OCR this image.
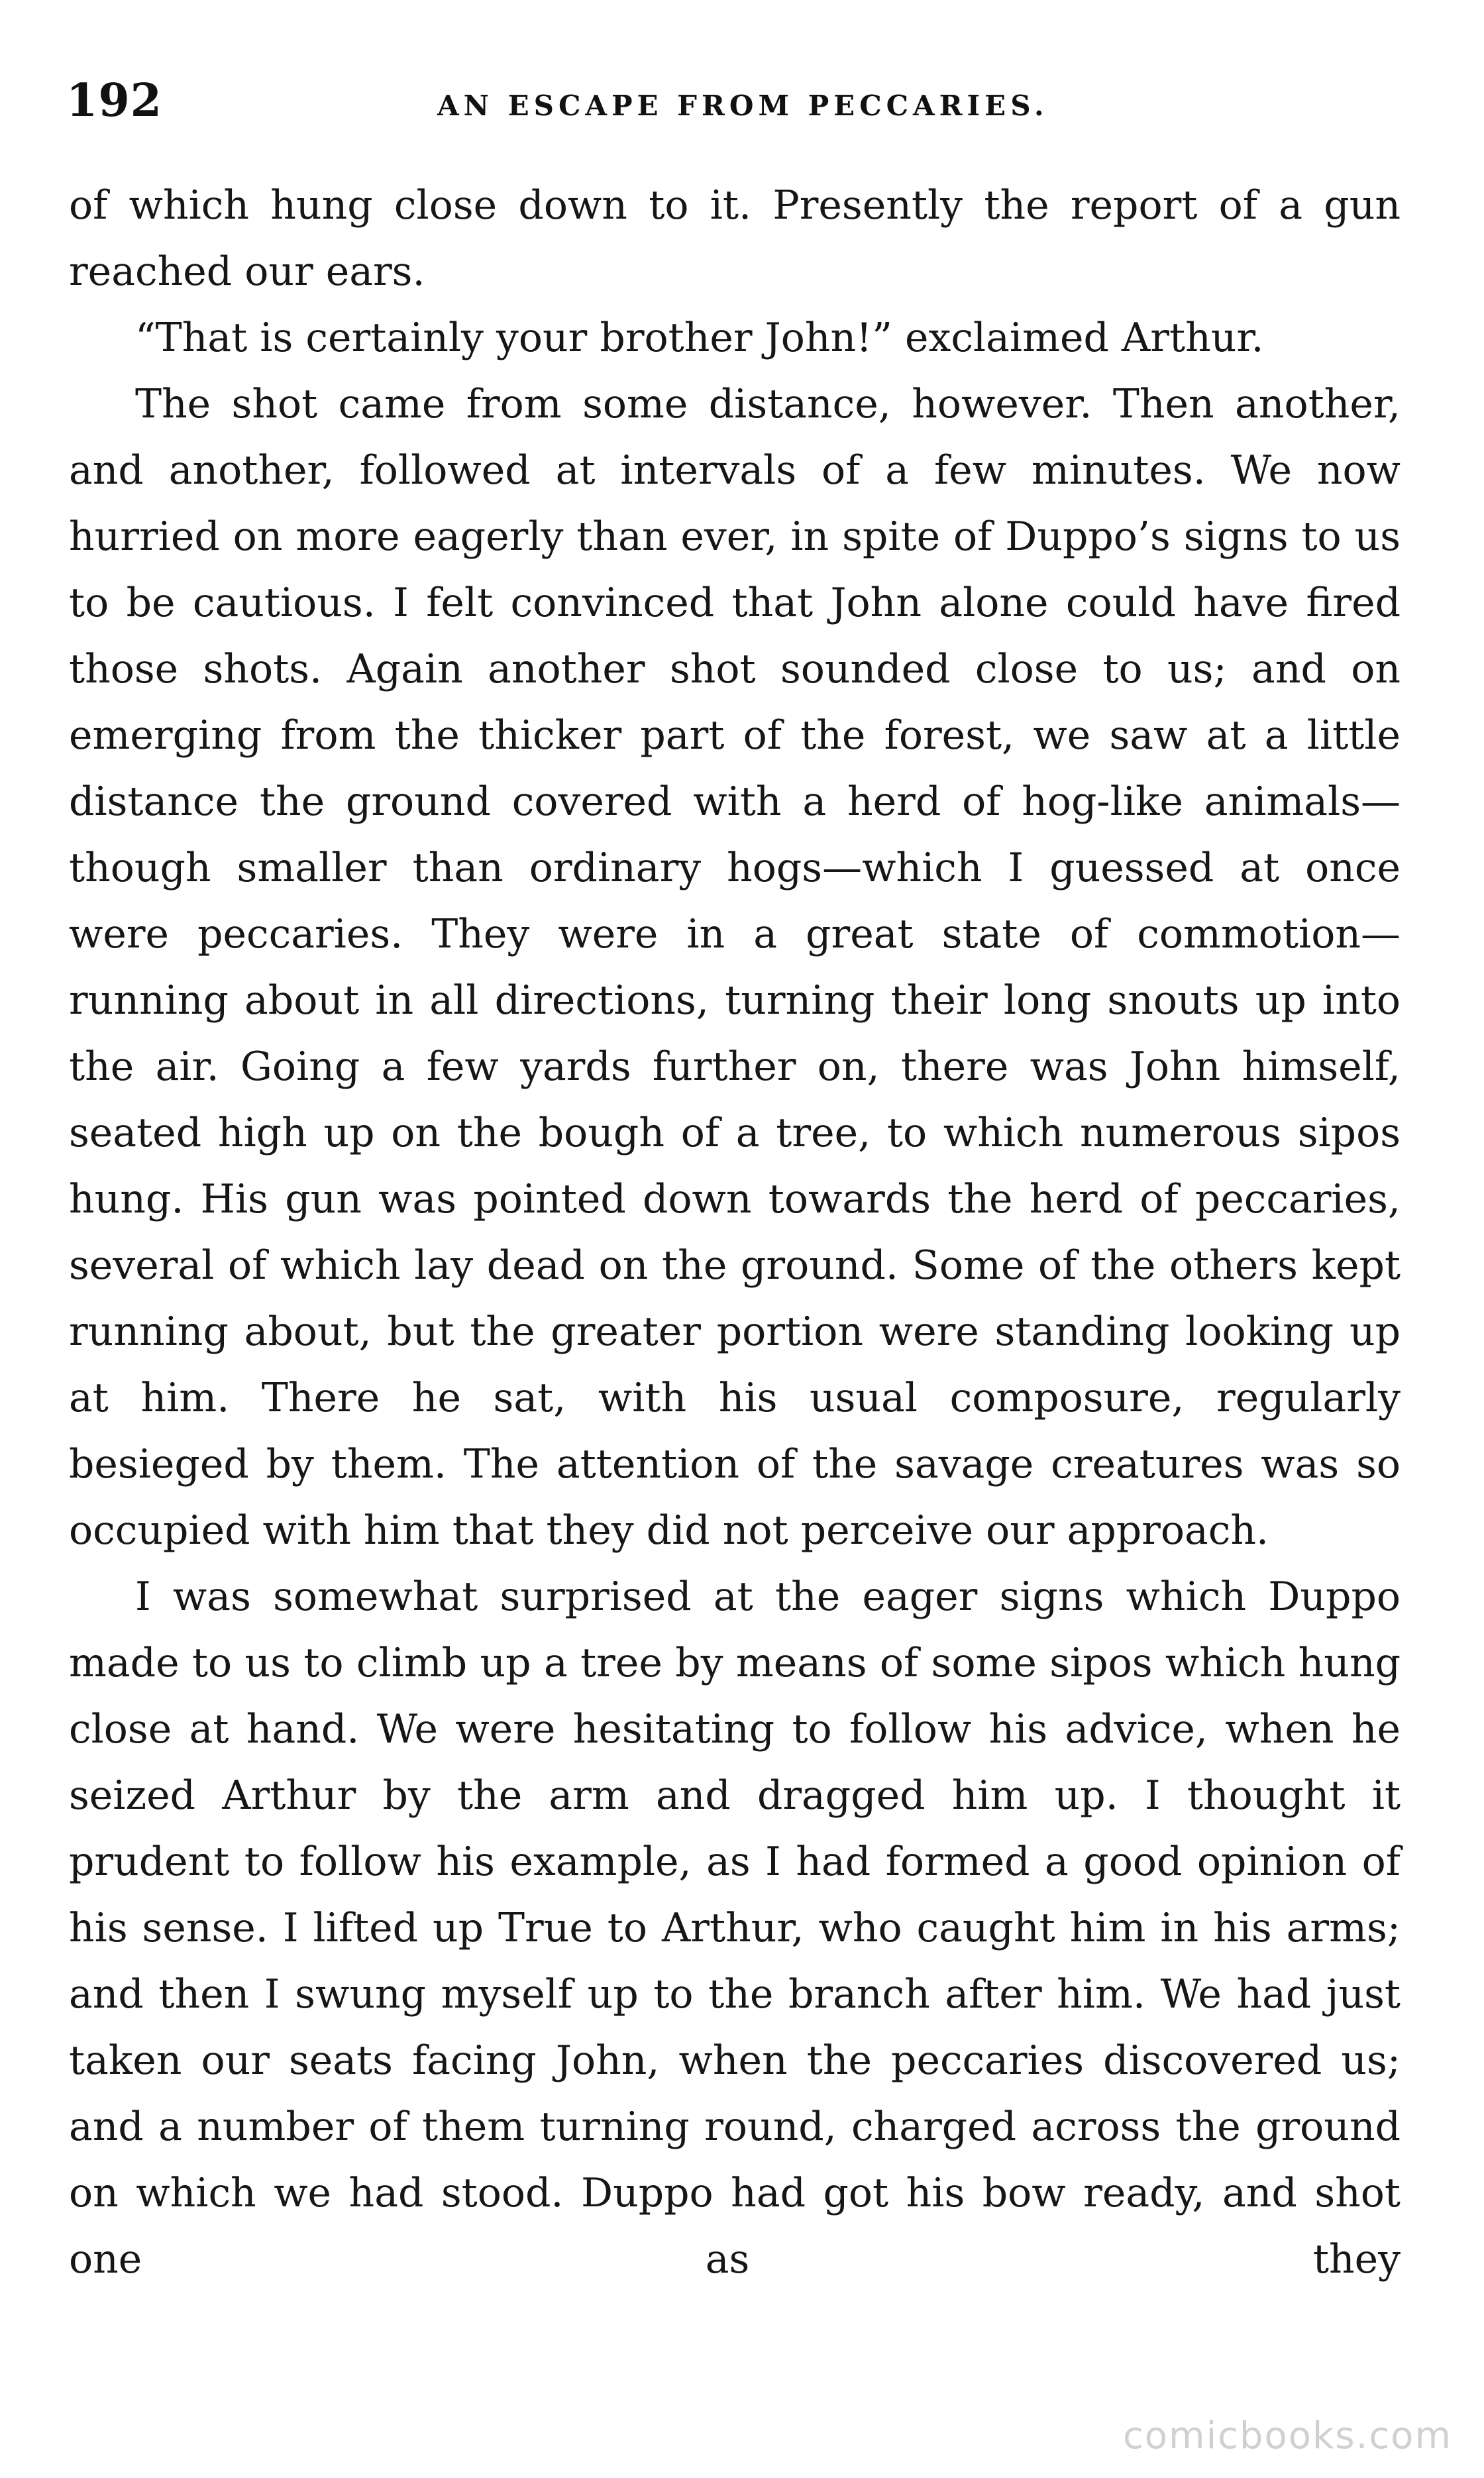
192	AN ESCAPE FROM PECCARIES.

of which hung close down to it. Presently the report of a gun reached our ears.

“That is certainly your brother John!” exclaimed Arthur.

The shot came from some distance, however. Then another, and another, followed at intervals of a few minutes. We now hurried on more eagerly than ever, in spite of Duppo’s signs to us to be cautious. I felt convinced that John alone could have fired those shots. Again another shot sounded close to us; and on emerging from the thicker part of the forest, we saw at a little distance the ground covered with a herd of hog-like animals—though smaller than ordinary hogs—which I guessed at once were peccaries. They were in a great state of commotion—running about in all directions, turning their long snouts up into the air. Going a few yards further on, there was John himself, seated high up on the bough of a tree, to which numerous sipos hung. His gun was pointed down towards the herd of peccaries, several of which lay dead on the ground. Some of the others kept running about, but the greater portion were standing looking up at him. There he sat, with his usual composure, regularly besieged by them. The attention of the savage creatures was so occupied with him that they did not perceive our approach.

I was somewhat surprised at the eager signs which Duppo made to us to climb up a tree by means of some sipos which hung close at hand. We were hesitating to follow his advice, when he seized Arthur by the arm and dragged him up. I thought it prudent to follow his example, as I had formed a good opinion of his sense. I lifted up True to Arthur, who caught him in his arms; and then I swung myself up to the branch after him. We had just taken our seats facing John, when the peccaries discovered us; and a number of them turning round, charged across the ground on which we had stood. Duppo had got his bow ready, and shot one as they

comicbooks.com
